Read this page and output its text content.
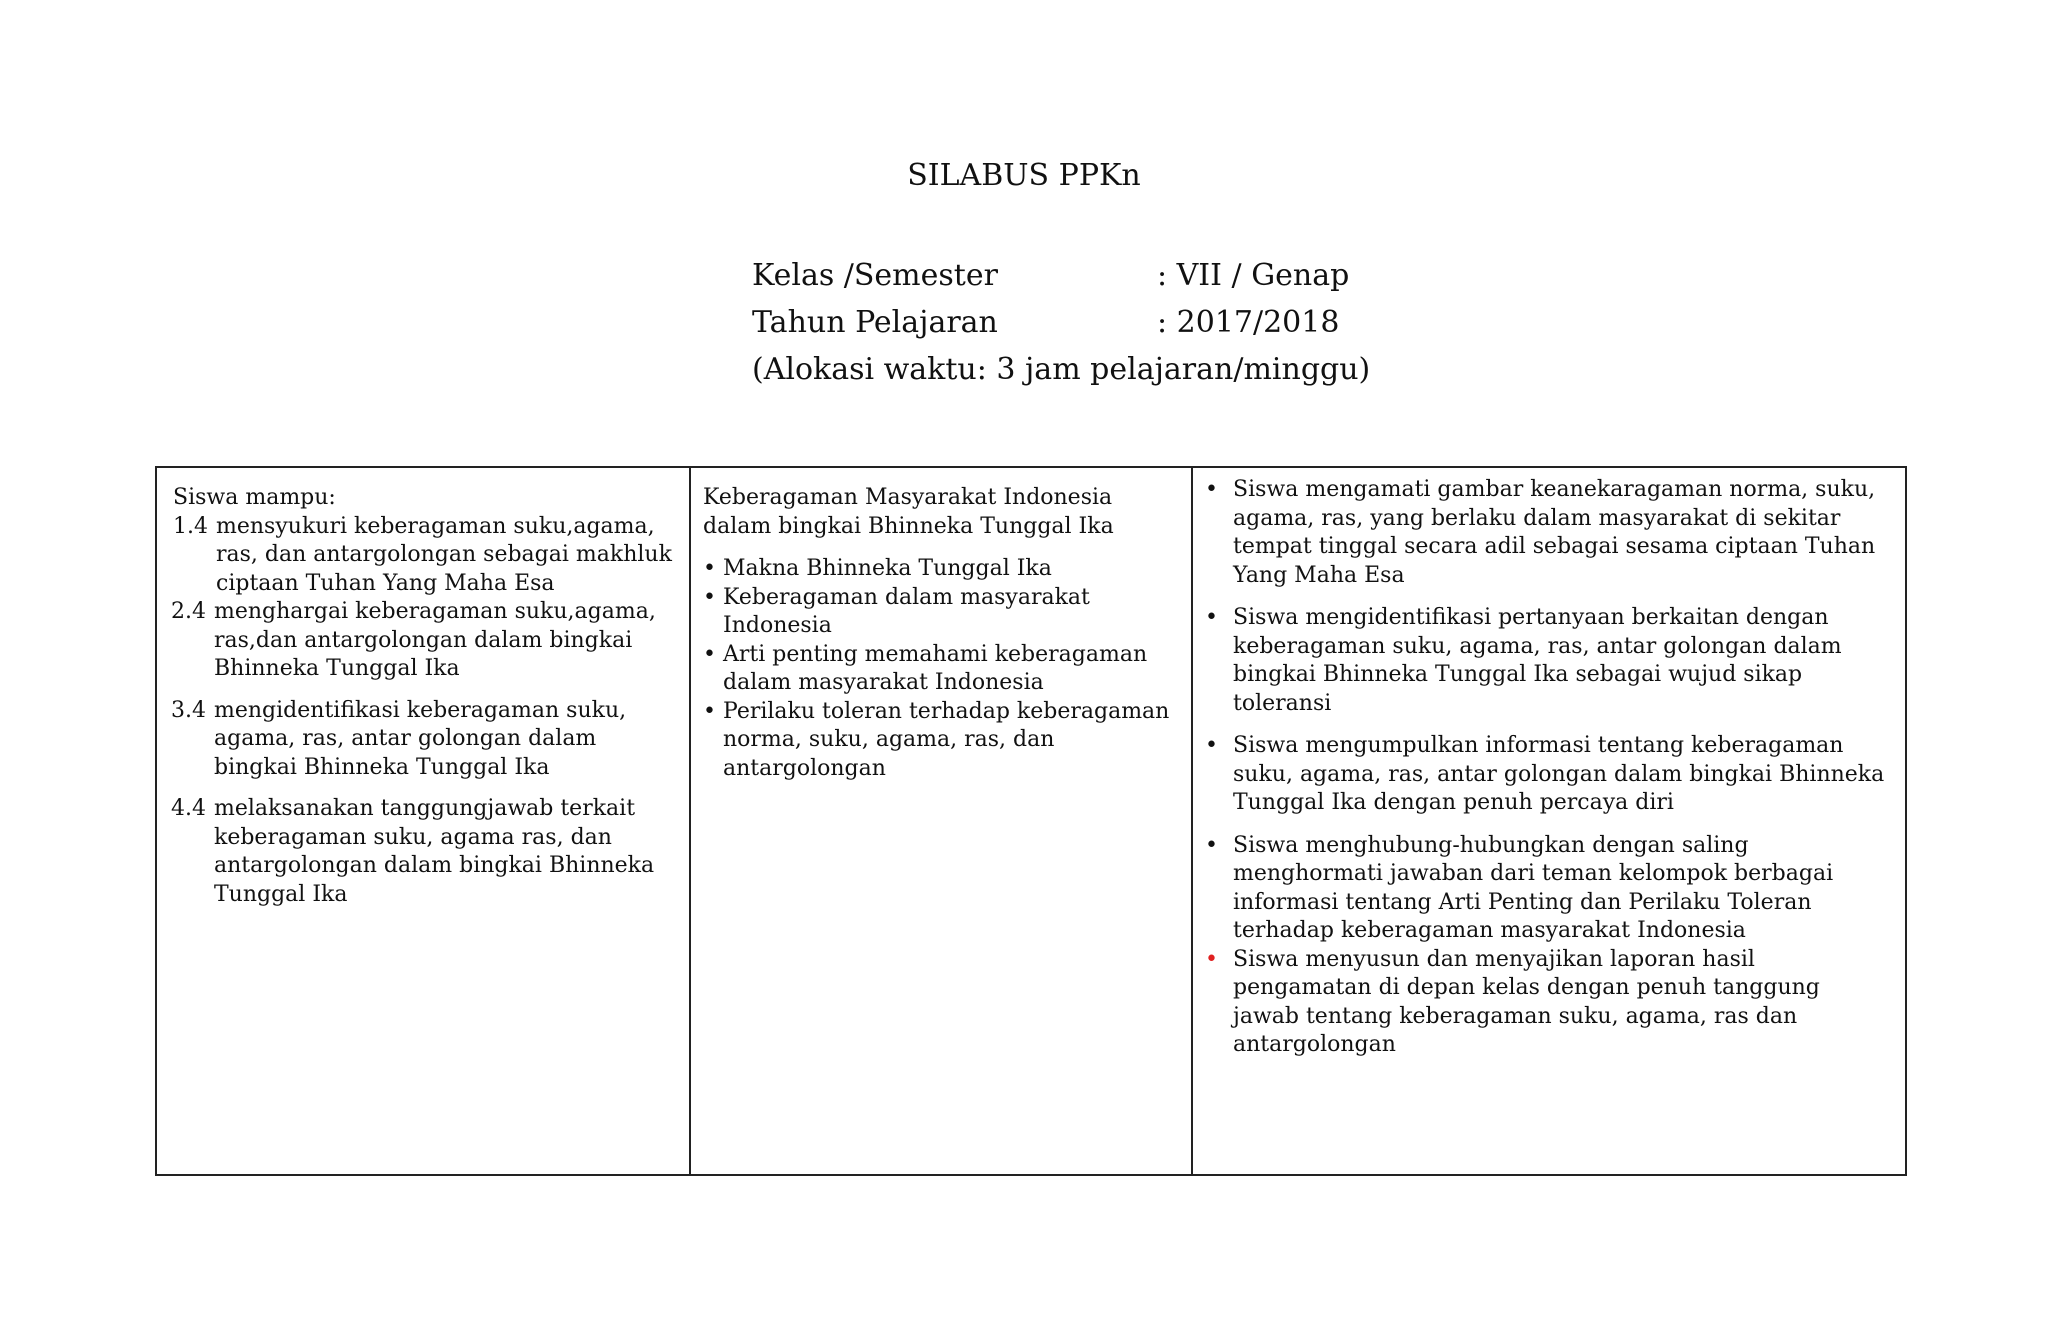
SILABUS PPKn
Kelas /Semester	: VII / Genap
Tahun Pelajaran	: 2017/2018
(Alokasi waktu: 3 jam pelajaran/minggu)
Siswa mampu:
1.4 mensyukuri keberagaman suku,agama, ras, dan antargolongan sebagai makhluk ciptaan Tuhan Yang Maha Esa
2.4 menghargai keberagaman suku,agama, ras,dan antargolongan dalam bingkai Bhinneka Tunggal Ika
3.4 mengidentifikasi keberagaman suku, agama, ras, antar golongan dalam bingkai Bhinneka Tunggal Ika
4.4 melaksanakan tanggungjawab terkait keberagaman suku, agama ras, dan antargolongan dalam bingkai Bhinneka Tunggal Ika

Keberagaman Masyarakat Indonesia dalam bingkai Bhinneka Tunggal Ika
• Makna Bhinneka Tunggal Ika
• Keberagaman dalam masyarakat Indonesia
• Arti penting memahami keberagaman dalam masyarakat Indonesia
• Perilaku toleran terhadap keberagaman norma, suku, agama, ras, dan antargolongan

• Siswa mengamati gambar keanekaragaman norma, suku, agama, ras, yang berlaku dalam masyarakat di sekitar tempat tinggal secara adil sebagai sesama ciptaan Tuhan Yang Maha Esa
• Siswa mengidentifikasi pertanyaan berkaitan dengan keberagaman suku, agama, ras, antar golongan dalam bingkai Bhinneka Tunggal Ika sebagai wujud sikap toleransi
• Siswa mengumpulkan informasi tentang keberagaman suku, agama, ras, antar golongan dalam bingkai Bhinneka Tunggal Ika dengan penuh percaya diri
• Siswa menghubung-hubungkan dengan saling menghormati jawaban dari teman kelompok berbagai informasi tentang Arti Penting dan Perilaku Toleran terhadap keberagaman masyarakat Indonesia
• Siswa menyusun dan menyajikan laporan hasil pengamatan di depan kelas dengan penuh tanggung jawab tentang keberagaman suku, agama, ras dan antargolongan
